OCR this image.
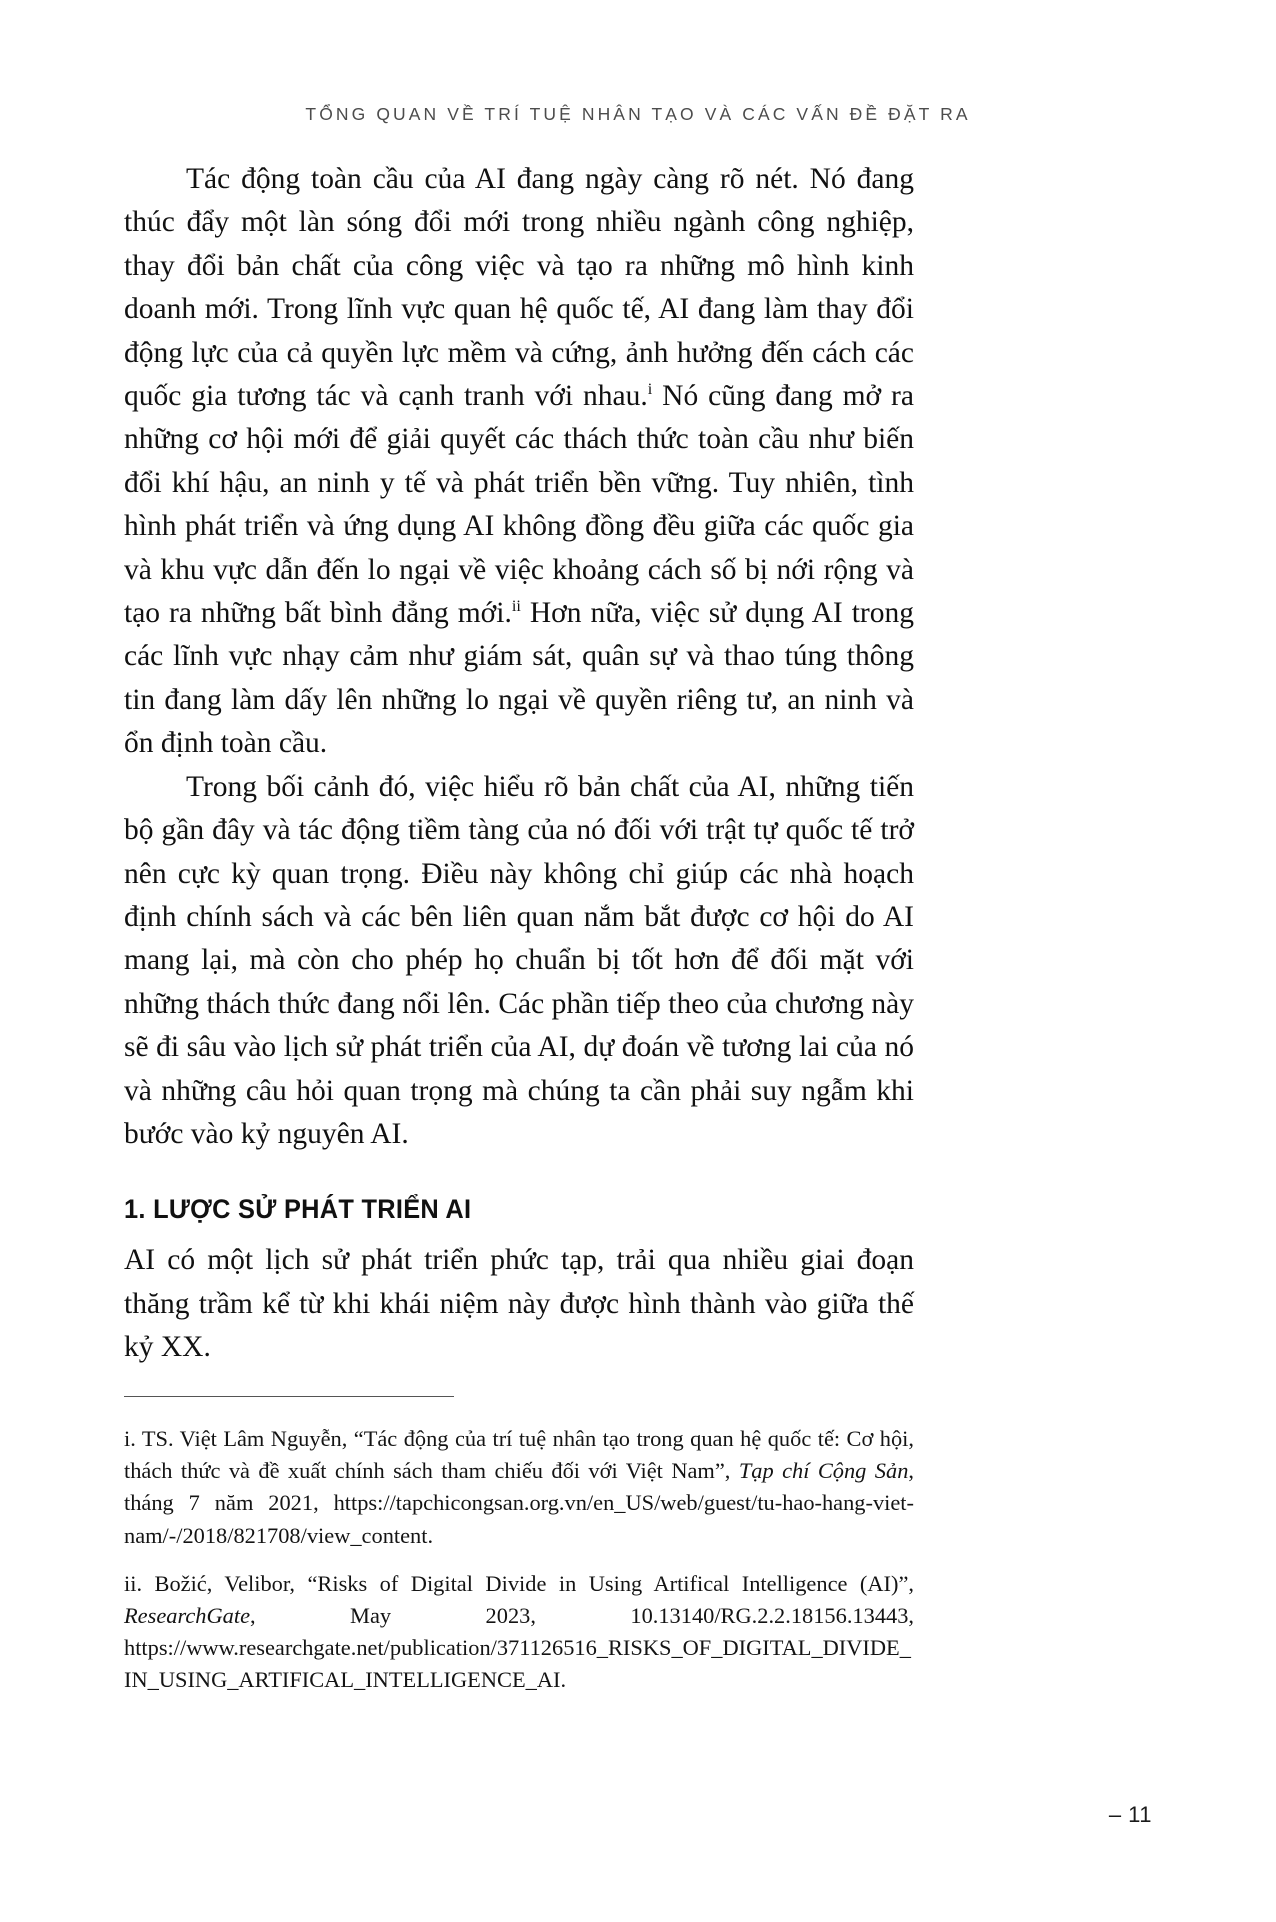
TỔNG QUAN VỀ TRÍ TUỆ NHÂN TẠO VÀ CÁC VẤN ĐỀ ĐẶT RA

Tác động toàn cầu của AI đang ngày càng rõ nét. Nó đang thúc đẩy một làn sóng đổi mới trong nhiều ngành công nghiệp, thay đổi bản chất của công việc và tạo ra những mô hình kinh doanh mới. Trong lĩnh vực quan hệ quốc tế, AI đang làm thay đổi động lực của cả quyền lực mềm và cứng, ảnh hưởng đến cách các quốc gia tương tác và cạnh tranh với nhau.$^i$ Nó cũng đang mở ra những cơ hội mới để giải quyết các thách thức toàn cầu như biến đổi khí hậu, an ninh y tế và phát triển bền vững. Tuy nhiên, tình hình phát triển và ứng dụng AI không đồng đều giữa các quốc gia và khu vực dẫn đến lo ngại về việc khoảng cách số bị nới rộng và tạo ra những bất bình đẳng mới.$^{ii}$ Hơn nữa, việc sử dụng AI trong các lĩnh vực nhạy cảm như giám sát, quân sự và thao túng thông tin đang làm dấy lên những lo ngại về quyền riêng tư, an ninh và ổn định toàn cầu.

Trong bối cảnh đó, việc hiểu rõ bản chất của AI, những tiến bộ gần đây và tác động tiềm tàng của nó đối với trật tự quốc tế trở nên cực kỳ quan trọng. Điều này không chỉ giúp các nhà hoạch định chính sách và các bên liên quan nắm bắt được cơ hội do AI mang lại, mà còn cho phép họ chuẩn bị tốt hơn để đối mặt với những thách thức đang nổi lên. Các phần tiếp theo của chương này sẽ đi sâu vào lịch sử phát triển của AI, dự đoán về tương lai của nó và những câu hỏi quan trọng mà chúng ta cần phải suy ngẫm khi bước vào kỷ nguyên AI.

1. LƯỢC SỬ PHÁT TRIỂN AI

AI có một lịch sử phát triển phức tạp, trải qua nhiều giai đoạn thăng trầm kể từ khi khái niệm này được hình thành vào giữa thế kỷ XX.

i. TS. Việt Lâm Nguyễn, “Tác động của trí tuệ nhân tạo trong quan hệ quốc tế: Cơ hội, thách thức và đề xuất chính sách tham chiếu đối với Việt Nam”, Tạp chí Cộng Sản, tháng 7 năm 2021, https://tapchicongsan.org.vn/en_US/web/guest/tu-hao-hang-viet-nam/-/2018/821708/view_content.

ii. Božić, Velibor, “Risks of Digital Divide in Using Artifical Intelligence (AI)”, ResearchGate, May 2023, 10.13140/RG.2.2.18156.13443, https://www.researchgate.net/publication/371126516_RISKS_OF_DIGITAL_DIVIDE_IN_USING_ARTIFICAL_INTELLIGENCE_AI.

– 11
